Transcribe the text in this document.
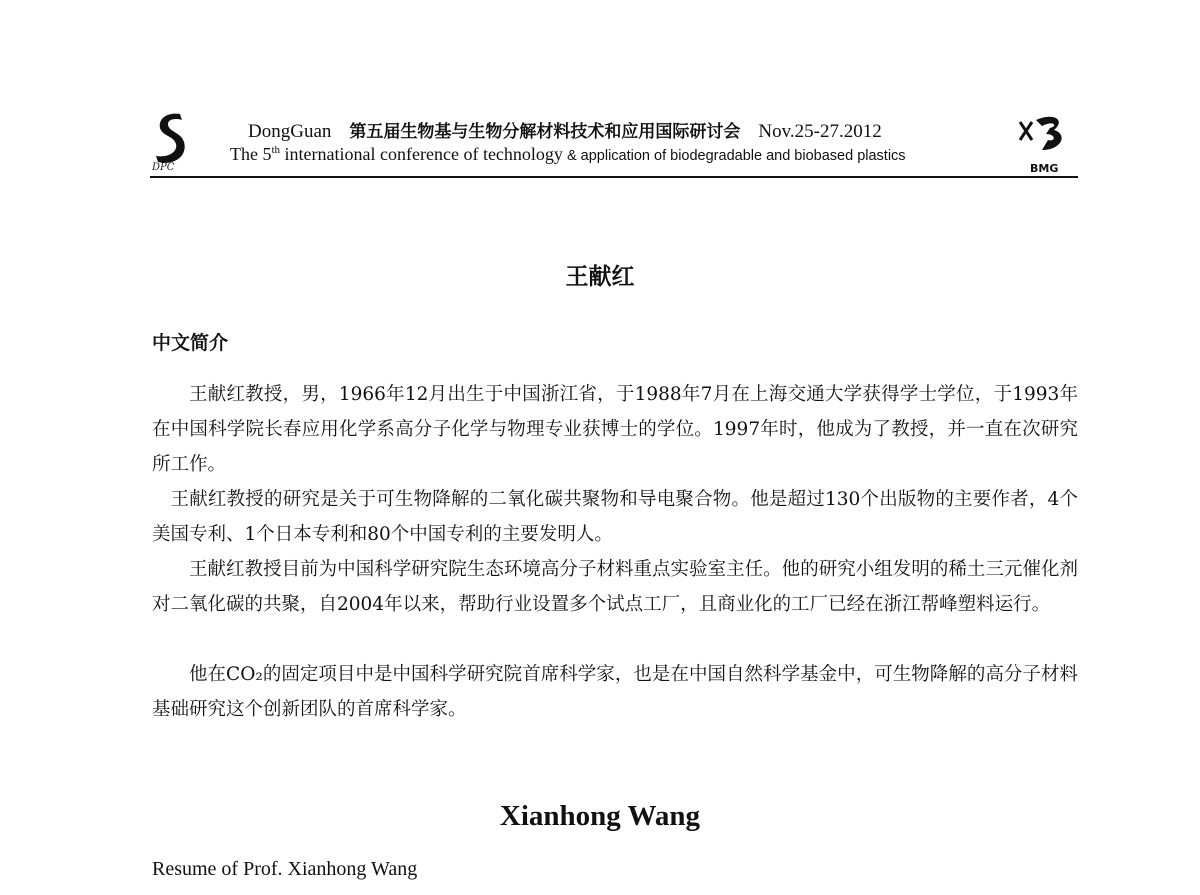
DPC
DongGuan 第五届生物基与生物分解材料技术和应用国际研讨会 Nov.25-27.2012
The 5th international conference of technology & application of biodegradable and biobased plastics
BMG
王献红
中文简介

王献红教授，男，1966年12月出生于中国浙江省，于1988年7月在上海交通大学获得学士学位，于1993年在中国科学院长春应用化学系高分子化学与物理专业获博士的学位。1997年时，他成为了教授，并一直在次研究所工作。

王献红教授的研究是关于可生物降解的二氧化碳共聚物和导电聚合物。他是超过130个出版物的主要作者，4个美国专利、1个日本专利和80个中国专利的主要发明人。

王献红教授目前为中国科学研究院生态环境高分子材料重点实验室主任。他的研究小组发明的稀土三元催化剂对二氧化碳的共聚，自2004年以来，帮助行业设置多个试点工厂，且商业化的工厂已经在浙江帮峰塑料运行。

他在CO₂的固定项目中是中国科学研究院首席科学家，也是在中国自然科学基金中，可生物降解的高分子材料基础研究这个创新团队的首席科学家。

Xianhong Wang
Resume of Prof. Xianhong Wang
